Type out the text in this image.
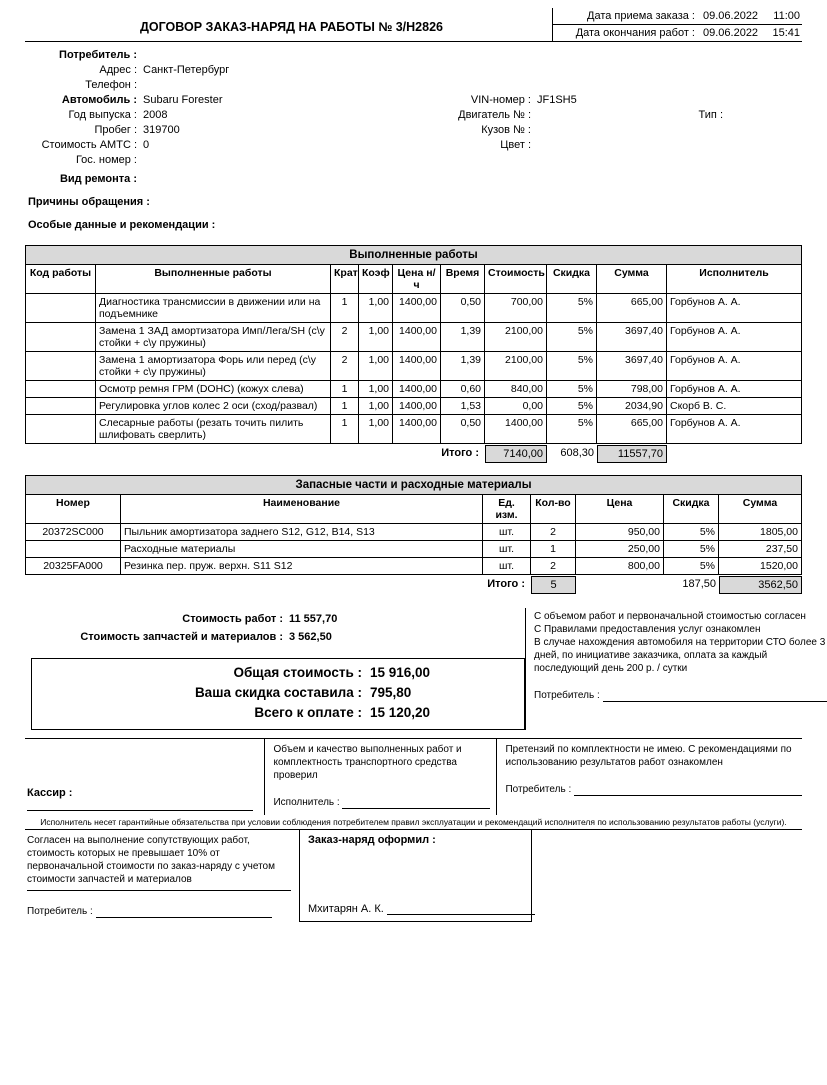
ДОГОВОР ЗАКАЗ-НАРЯД НА РАБОТЫ № 3/Н2826
Дата приема заказа : 09.06.2022	11:00
Дата окончания работ : 09.06.2022	15:41
Потребитель :
Адрес : Санкт-Петербург
Телефон :
Автомобиль : Subaru Forester	VIN-номер : JF1SH5
Год выпуска : 2008	Двигатель № :	Тип :
Пробег : 319700	Кузов № :
Стоимость АМТС : 0	Цвет :
Гос. номер :
Вид ремонта :
Причины обращения :
Особые данные и рекомендации :
Выполненные работы									
Код работы	Выполненные работы	Крат	Коэф	Цена н/ч	Время	Стоимость	Скидка	Сумма	Исполнитель
	Диагностика трансмиссии в движении или на подъемнике	1	1,00	1400,00	0,50	700,00	5%	665,00	Горбунов А. А.
	Замена 1 ЗАД амортизатора Имп/Лега/SH (с\у стойки + с\у пружины)	2	1,00	1400,00	1,39	2100,00	5%	3697,40	Горбунов А. А.
	Замена 1 амортизатора Форь или перед (с\у стойки + с\у пружины)	2	1,00	1400,00	1,39	2100,00	5%	3697,40	Горбунов А. А.
	Осмотр ремня ГРМ (DOHC) (кожух слева)	1	1,00	1400,00	0,60	840,00	5%	798,00	Горбунов А. А.
	Регулировка углов колес 2 оси (сход/развал)	1	1,00	1400,00	1,53	0,00	5%	2034,90	Скорб В. С.
	Слесарные работы (резать точить пилить шлифовать сверлить)	1	1,00	1400,00	0,50	1400,00	5%	665,00	Горбунов А. А.
Итого :	7140,00	608,30	11557,70
Запасные части и расходные материалы						
Номер	Наименование	Ед. изм.	Кол-во	Цена	Скидка	Сумма
20372SC000	Пыльник амортизатора заднего S12, G12, B14, S13	шт.	2	950,00	5%	1805,00
	Расходные материалы	шт.	1	250,00	5%	237,50
20325FA000	Резинка пер. пруж. верхн. S11 S12	шт.	2	800,00	5%	1520,00
Итого :	5	187,50	3562,50
Стоимость работ : 11 557,70
Стоимость запчастей и материалов : 3 562,50
Общая стоимость : 15 916,00
Ваша скидка составила : 795,80
Всего к оплате : 15 120,20
С объемом работ и первоначальной стоимостью согласен
С Правилами предоставления услуг ознакомлен
В случае нахождения автомобиля на территории СТО более 3 дней, по инициативе заказчика, оплата за каждый последующий день 200 р. / сутки
Потребитель :
Кассир :
Объем и качество выполненных работ и комплектность транспортного средства проверил
Исполнитель :
Претензий по комплектности не имею. С рекомендациями по использованию результатов работ ознакомлен
Потребитель :
Исполнитель несет гарантийные обязательства при условии соблюдения потребителем правил эксплуатации и рекомендаций исполнителя по использованию результатов работы (услуги).
Согласен на выполнение сопутствующих работ, стоимость которых не превышает 10% от первоначальной стоимости по заказ-наряду с учетом стоимости запчастей и материалов
Потребитель :
Заказ-наряд оформил :
Мхитарян А. К.
